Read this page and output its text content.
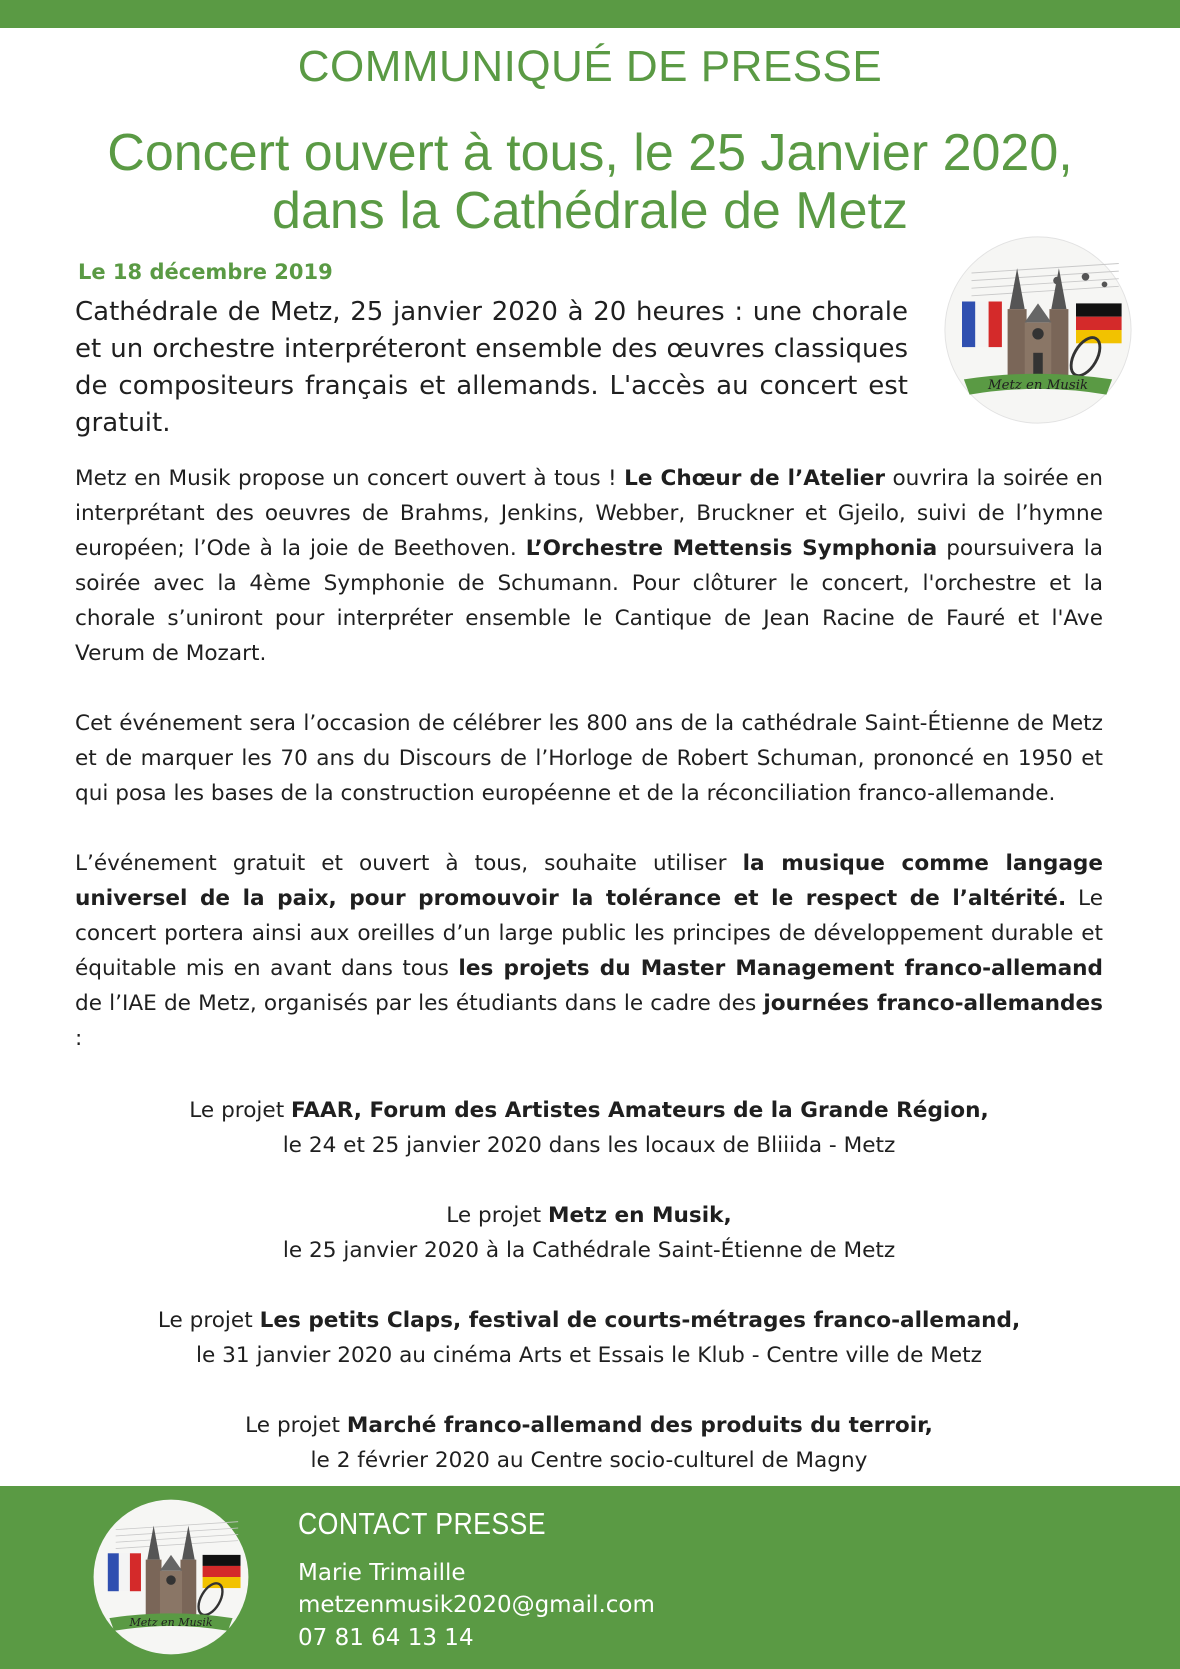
COMMUNIQUÉ DE PRESSE
Concert ouvert à tous, le 25 Janvier 2020,
dans la Cathédrale de Metz
Le 18 décembre 2019

Cathédrale de Metz, 25 janvier 2020 à 20 heures : une chorale et un orchestre interpréteront ensemble des œuvres classiques de compositeurs français et allemands. L'accès au concert est gratuit.

Metz en Musik

Metz en Musik propose un concert ouvert à tous ! Le Chœur de l’Atelier ouvrira la soirée en interprétant des oeuvres de Brahms, Jenkins, Webber, Bruckner et Gjeilo, suivi de l’hymne européen; l’Ode à la joie de Beethoven. L’Orchestre Mettensis Symphonia poursuivera la soirée avec la 4ème Symphonie de Schumann. Pour clôturer le concert, l'orchestre et la chorale s’uniront pour interpréter ensemble le Cantique de Jean Racine de Fauré et l'Ave Verum de Mozart.

Cet événement sera l’occasion de célébrer les 800 ans de la cathédrale Saint-Étienne de Metz et de marquer les 70 ans du Discours de l’Horloge de Robert Schuman, prononcé en 1950 et qui posa les bases de la construction européenne et de la réconciliation franco-allemande.

L’événement gratuit et ouvert à tous, souhaite utiliser la musique comme langage universel de la paix, pour promouvoir la tolérance et le respect de l’altérité. Le concert portera ainsi aux oreilles d’un large public les principes de développement durable et équitable mis en avant dans tous les projets du Master Management franco-allemand de l’IAE de Metz, organisés par les étudiants dans le cadre des journées franco-allemandes :

Le projet FAAR, Forum des Artistes Amateurs de la Grande Région,
le 24 et 25 janvier 2020 dans les locaux de Bliiida - Metz

Le projet Metz en Musik,
le 25 janvier 2020 à la Cathédrale Saint-Étienne de Metz

Le projet Les petits Claps, festival de courts-métrages franco-allemand,
le 31 janvier 2020 au cinéma Arts et Essais le Klub - Centre ville de Metz

Le projet Marché franco-allemand des produits du terroir,
le 2 février 2020 au Centre socio-culturel de Magny

Metz en Musik
CONTACT PRESSE
Marie Trimaille
metzenmusik2020@gmail.com
07 81 64 13 14
